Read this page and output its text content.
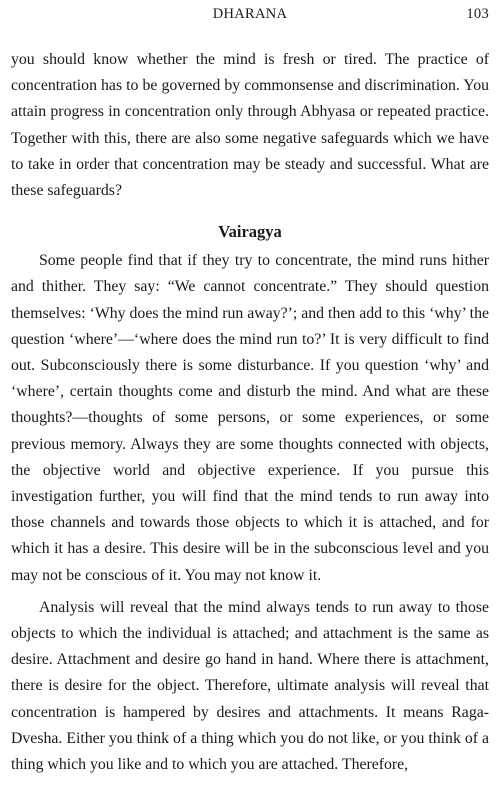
DHARANA	103

you should know whether the mind is fresh or tired. The practice of concentration has to be governed by commonsense and discrimination. You attain progress in concentration only through Abhyasa or repeated practice. Together with this, there are also some negative safeguards which we have to take in order that concentration may be steady and successful. What are these safeguards?

Vairagya

Some people find that if they try to concentrate, the mind runs hither and thither. They say: “We cannot concentrate.” They should question themselves: ‘Why does the mind run away?’; and then add to this ‘why’ the question ‘where’—‘where does the mind run to?’ It is very difficult to find out. Subconsciously there is some disturbance. If you question ‘why’ and ‘where’, certain thoughts come and disturb the mind. And what are these thoughts?—thoughts of some persons, or some experiences, or some previous memory. Always they are some thoughts connected with objects, the objective world and objective experience. If you pursue this investigation further, you will find that the mind tends to run away into those channels and towards those objects to which it is attached, and for which it has a desire. This desire will be in the subconscious level and you may not be conscious of it. You may not know it.

Analysis will reveal that the mind always tends to run away to those objects to which the individual is attached; and attachment is the same as desire. Attachment and desire go hand in hand. Where there is attachment, there is desire for the object. Therefore, ultimate analysis will reveal that concentration is hampered by desires and attachments. It means Raga-Dvesha. Either you think of a thing which you do not like, or you think of a thing which you like and to which you are attached. Therefore,
